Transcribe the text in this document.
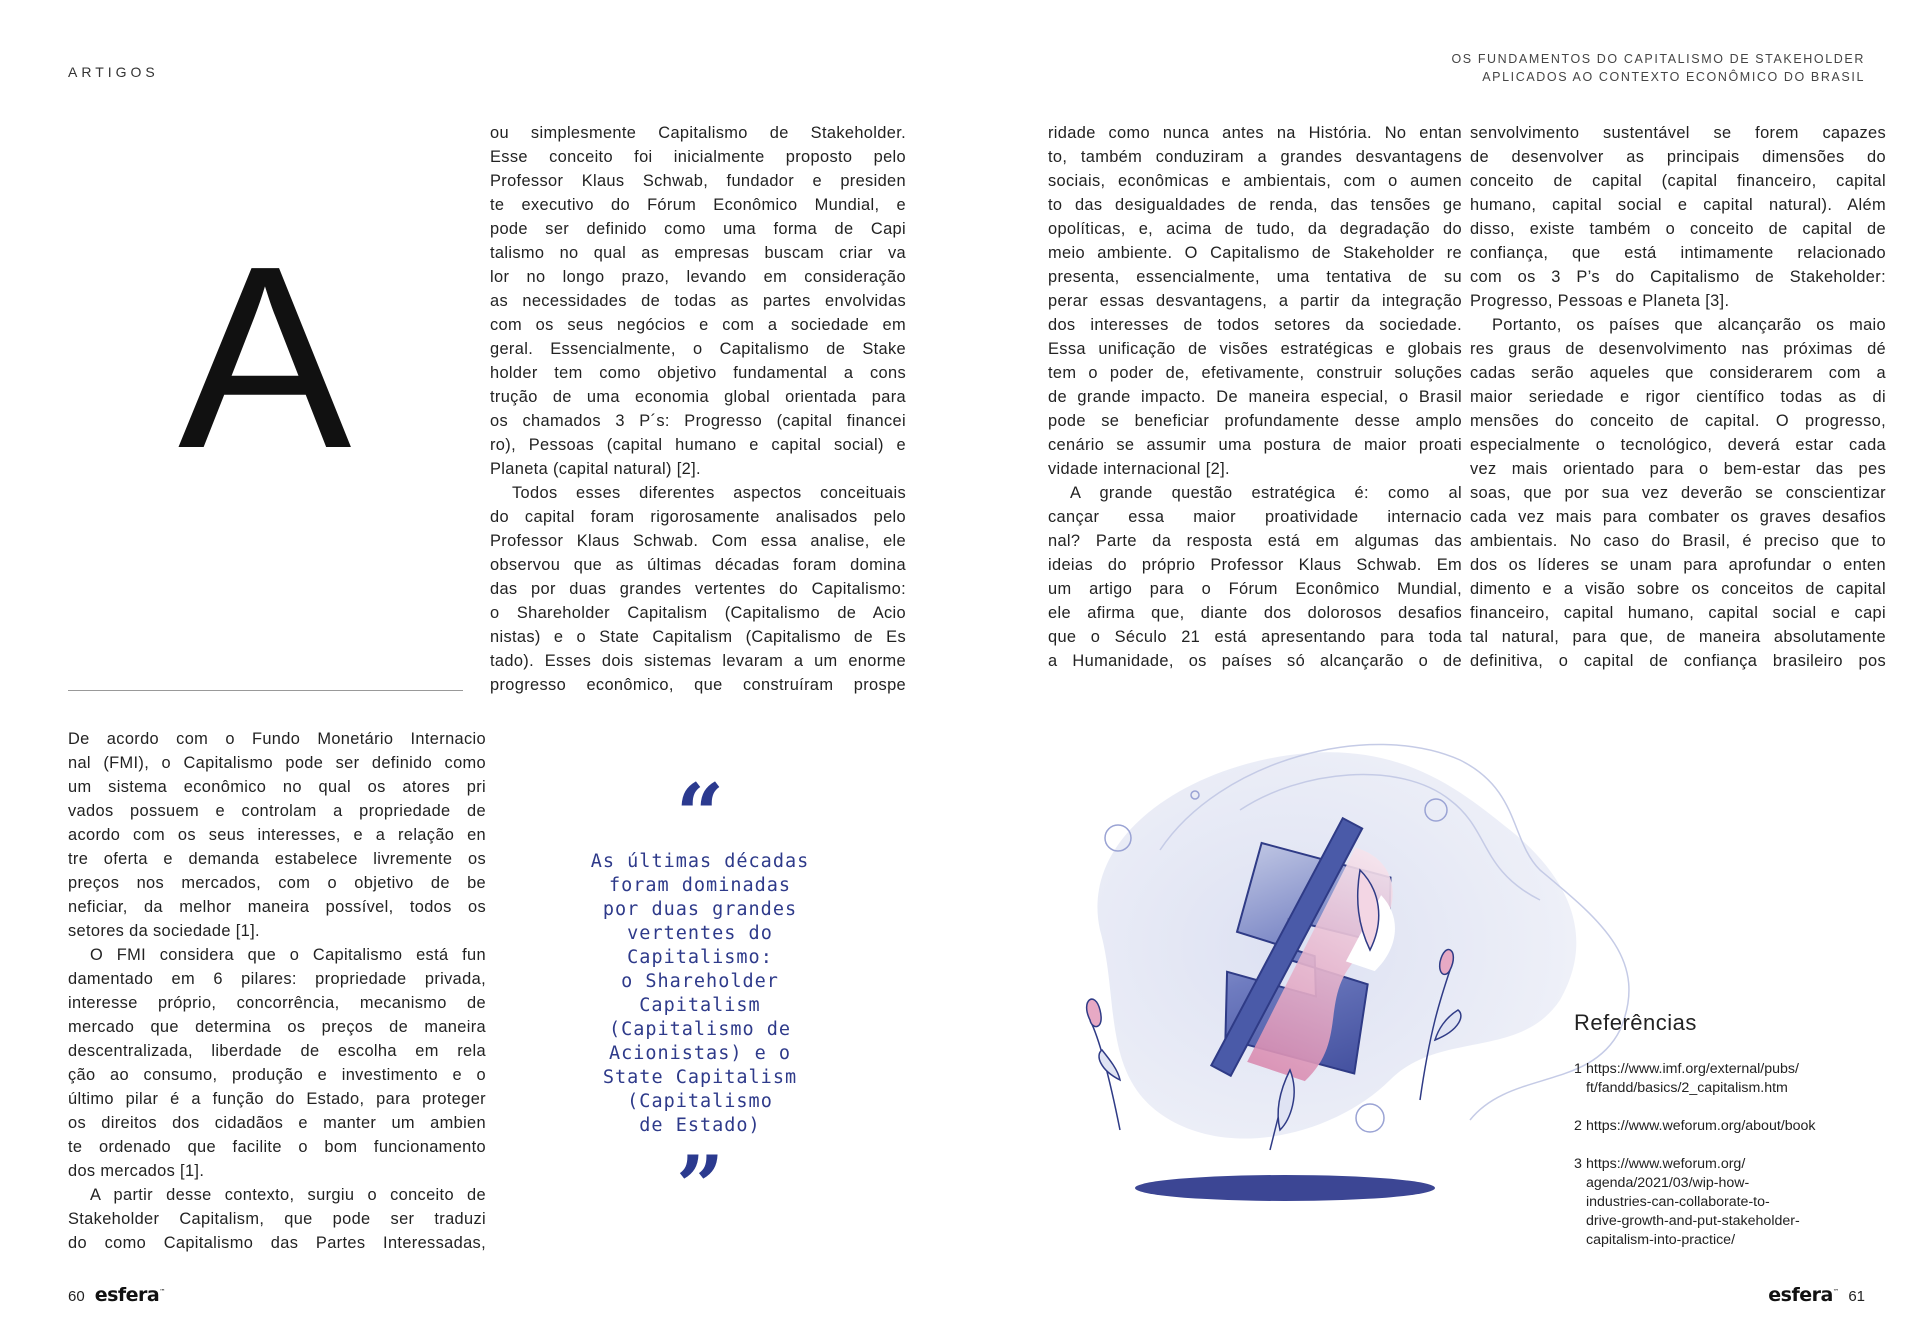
ARTIGOS
OS FUNDAMENTOS DO CAPITALISMO DE STAKEHOLDER
APLICADOS AO CONTEXTO ECONÔMICO DO BRASIL
A
De acordo com o Fundo Monetário Internacio
nal (FMI), o Capitalismo pode ser definido como
um sistema econômico no qual os atores pri
vados possuem e controlam a propriedade de
acordo com os seus interesses, e a relação en
tre oferta e demanda estabelece livremente os
preços nos mercados, com o objetivo de be
neficiar, da melhor maneira possível, todos os
setores da sociedade [1].
O FMI considera que o Capitalismo está fun
damentado em 6 pilares: propriedade privada,
interesse próprio, concorrência, mecanismo de
mercado que determina os preços de maneira
descentralizada, liberdade de escolha em rela
ção ao consumo, produção e investimento e o
último pilar é a função do Estado, para proteger
os direitos dos cidadãos e manter um ambien
te ordenado que facilite o bom funcionamento
dos mercados [1].
A partir desse contexto, surgiu o conceito de
Stakeholder Capitalism, que pode ser traduzi
do como Capitalismo das Partes Interessadas,
ou simplesmente Capitalismo de Stakeholder.
Esse conceito foi inicialmente proposto pelo
Professor Klaus Schwab, fundador e presiden
te executivo do Fórum Econômico Mundial, e
pode ser definido como uma forma de Capi
talismo no qual as empresas buscam criar va
lor no longo prazo, levando em consideração
as necessidades de todas as partes envolvidas
com os seus negócios e com a sociedade em
geral. Essencialmente, o Capitalismo de Stake
holder tem como objetivo fundamental a cons
trução de uma economia global orientada para
os chamados 3 P´s: Progresso (capital financei
ro), Pessoas (capital humano e capital social) e
Planeta (capital natural) [2].
Todos esses diferentes aspectos conceituais
do capital foram rigorosamente analisados pelo
Professor Klaus Schwab. Com essa analise, ele
observou que as últimas décadas foram domina
das por duas grandes vertentes do Capitalismo:
o Shareholder Capitalism (Capitalismo de Acio
nistas) e o State Capitalism (Capitalismo de Es
tado). Esses dois sistemas levaram a um enorme
progresso econômico, que construíram prospe
ridade como nunca antes na História. No entan
to, também conduziram a grandes desvantagens
sociais, econômicas e ambientais, com o aumen
to das desigualdades de renda, das tensões ge
opolíticas, e, acima de tudo, da degradação do
meio ambiente. O Capitalismo de Stakeholder re
presenta, essencialmente, uma tentativa de su
perar essas desvantagens, a partir da integração
dos interesses de todos setores da sociedade.
Essa unificação de visões estratégicas e globais
tem o poder de, efetivamente, construir soluções
de grande impacto. De maneira especial, o Brasil
pode se beneficiar profundamente desse amplo
cenário se assumir uma postura de maior proati
vidade internacional [2].
A grande questão estratégica é: como al
cançar essa maior proatividade internacio
nal? Parte da resposta está em algumas das
ideias do próprio Professor Klaus Schwab. Em
um artigo para o Fórum Econômico Mundial,
ele afirma que, diante dos dolorosos desafios
que o Século 21 está apresentando para toda
a Humanidade, os países só alcançarão o de
senvolvimento sustentável se forem capazes
de desenvolver as principais dimensões do
conceito de capital (capital financeiro, capital
humano, capital social e capital natural). Além
disso, existe também o conceito de capital de
confiança, que está intimamente relacionado
com os 3 P’s do Capitalismo de Stakeholder:
Progresso, Pessoas e Planeta [3].
Portanto, os países que alcançarão os maio
res graus de desenvolvimento nas próximas dé
cadas serão aqueles que considerarem com a
maior seriedade e rigor científico todas as di
mensões do conceito de capital. O progresso,
especialmente o tecnológico, deverá estar cada
vez mais orientado para o bem-estar das pes
soas, que por sua vez deverão se conscientizar
cada vez mais para combater os graves desafios
ambientais. No caso do Brasil, é preciso que to
dos os líderes se unam para aprofundar o enten
dimento e a visão sobre os conceitos de capital
financeiro, capital humano, capital social e capi
tal natural, para que, de maneira absolutamente
definitiva, o capital de confiança brasileiro pos
“
As últimas décadas
foram dominadas
por duas grandes
vertentes do
Capitalismo:
o Shareholder
Capitalism
(Capitalismo de
Acionistas) e o
State Capitalism
(Capitalismo
de Estado)
”
Referências
1 https://www.imf.org/external/pubs/
ft/fandd/basics/2_capitalism.htm
2 https://www.weforum.org/about/book
3 https://www.weforum.org/
agenda/2021/03/wip-how-
industries-can-collaborate-to-
drive-growth-and-put-stakeholder-
capitalism-into-practice/
60 esfera™	esfera™ 61
